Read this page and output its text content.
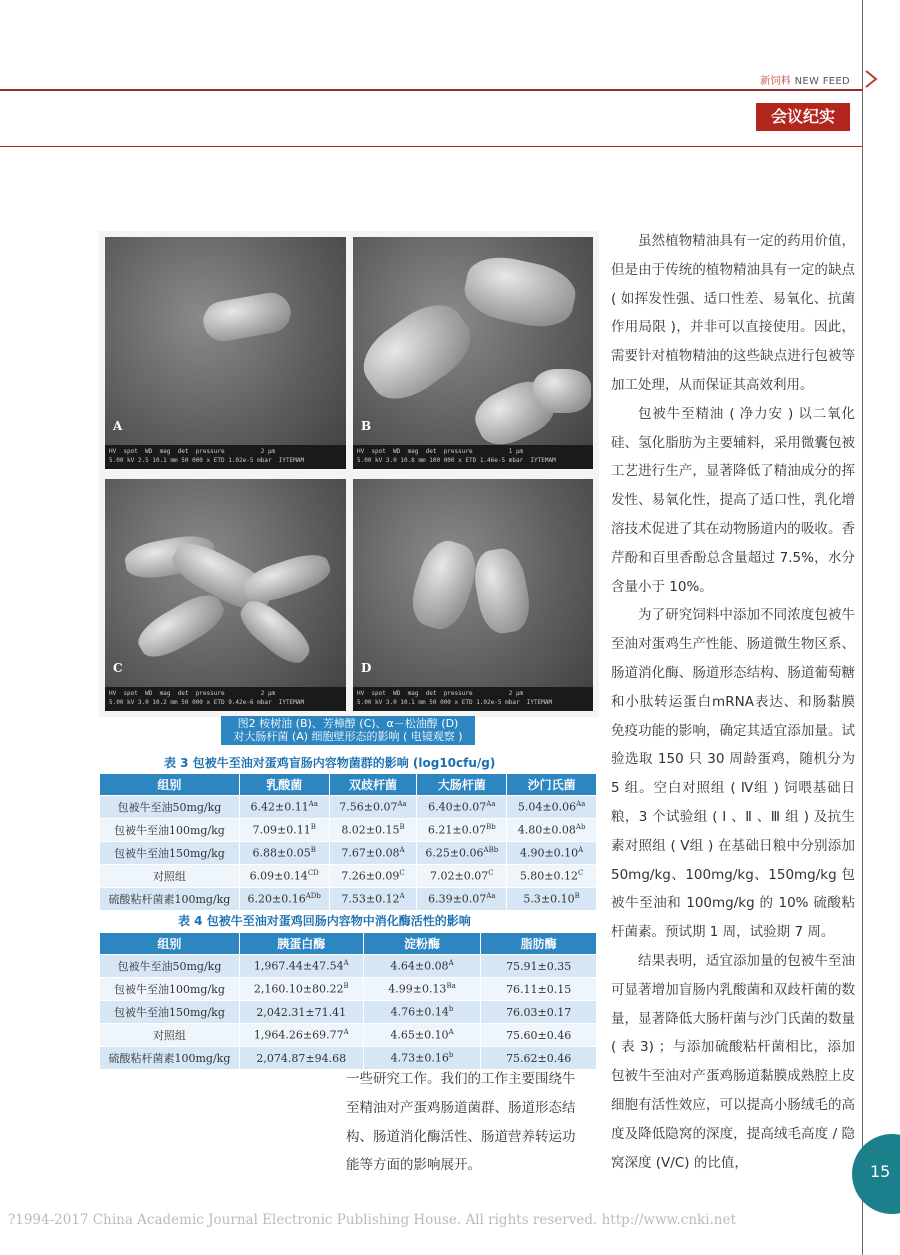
新饲料 NEW FEED
会议纪实
A
HV  spot  WD  mag  det  pressure          2 µm
5.00 kV 2.5 10.1 mm 50 000 x ETD 1.02e-5 mbar  IYTEMAM
B
HV  spot  WD  mag  det  pressure          1 µm
5.00 kV 3.0 10.8 mm 100 000 x ETD 1.46e-5 mbar  IYTEMAM
C
HV  spot  WD  mag  det  pressure          2 µm
5.00 kV 3.0 10.2 mm 50 000 x ETD 9.42e-6 mbar  IYTEMAM
D
HV  spot  WD  mag  det  pressure          2 µm
5.00 kV 3.0 10.1 mm 50 000 x ETD 1.02e-5 mbar  IYTEMAM
图2 桉树油 (B)、芳樟醇 (C)、α－松油醇 (D)
对大肠杆菌 (A) 细胞壁形态的影响 ( 电镜观察 )
表 3 包被牛至油对蛋鸡盲肠内容物菌群的影响 (log10cfu/g)
组别	乳酸菌	双歧杆菌	大肠杆菌	沙门氏菌
包被牛至油50mg/kg	$6.42\pm 0.11^{Aa}$	$7.56\pm 0.07^{Aa}$	$6.40\pm 0.07^{Aa}$	$5.04\pm 0.06^{Aa}$
包被牛至油100mg/kg	$7.09\pm 0.11^B$	$8.02\pm 0.15^B$	$6.21\pm 0.07^{Bb}$	$4.80\pm 0.08^{Ab}$
包被牛至油150mg/kg	$6.88\pm 0.05^B$	$7.67\pm 0.08^A$	$6.25\pm 0.06^{ABb}$	$4.90\pm 0.10^A$
对照组	$6.09\pm 0.14^{CD}$	$7.26\pm 0.09^C$	$7.02\pm 0.07^C$	$5.80\pm 0.12^C$
硫酸粘杆菌素100mg/kg	$6.20\pm 0.16^{ADb}$	$7.53\pm 0.12^A$	$6.39\pm 0.07^{Aa}$	$5.3\pm 0.10^B$
表 4 包被牛至油对蛋鸡回肠内容物中消化酶活性的影响
组别	胰蛋白酶	淀粉酶	脂肪酶
包被牛至油50mg/kg	$1,967.44\pm 47.54^A$	$4.64\pm 0.08^A$	75.91±0.35
包被牛至油100mg/kg	$2,160.10\pm 80.22^B$	$4.99\pm 0.13^{Ba}$	76.11±0.15
包被牛至油150mg/kg	2,042.31±71.41	4.76±0.14$^b$	76.03±0.17
对照组	$1,964.26\pm 69.77^A$	$4.65\pm 0.10^A$	75.60±0.46
硫酸粘杆菌素100mg/kg	2,074.87±94.68	4.73±0.16$^b$	75.62±0.46
一些研究工作。我们的工作主要围绕牛
至精油对产蛋鸡肠道菌群、肠道形态结
构、肠道消化酶活性、肠道营养转运功
能等方面的影响展开。

虽然植物精油具有一定的药用价值，但是由于传统的植物精油具有一定的缺点 ( 如挥发性强、适口性差、易氧化、抗菌作用局限 )，并非可以直接使用。因此，需要针对植物精油的这些缺点进行包被等加工处理，从而保证其高效利用。

包被牛至精油 ( 净力安 ) 以二氧化硅、氢化脂肪为主要辅料，采用微囊包被工艺进行生产，显著降低了精油成分的挥发性、易氧化性，提高了适口性，乳化增溶技术促进了其在动物肠道内的吸收。香芹酚和百里香酚总含量超过 7.5%，水分含量小于 10%。

为了研究饲料中添加不同浓度包被牛至油对蛋鸡生产性能、肠道微生物区系、肠道消化酶、肠道形态结构、肠道葡萄糖和小肽转运蛋白mRNA表达、和肠黏膜免疫功能的影响，确定其适宜添加量。试验选取 150 只 30 周龄蛋鸡，随机分为 5 组。空白对照组 ( Ⅳ组 ) 饲喂基础日粮，3 个试验组 ( Ⅰ 、Ⅱ 、Ⅲ 组 ) 及抗生素对照组 ( Ⅴ组 ) 在基础日粮中分别添加 50mg/kg、100mg/kg、150mg/kg 包被牛至油和 100mg/kg 的 10% 硫酸粘杆菌素。预试期 1 周，试验期 7 周。

结果表明，适宜添加量的包被牛至油可显著增加盲肠内乳酸菌和双歧杆菌的数量，显著降低大肠杆菌与沙门氏菌的数量 ( 表 3) ；与添加硫酸粘杆菌相比，添加包被牛至油对产蛋鸡肠道黏膜成熟腔上皮细胞有活性效应，可以提高小肠绒毛的高度及降低隐窝的深度，提高绒毛高度 / 隐窝深度 (V/C) 的比值，	15
?1994-2017 China Academic Journal Electronic Publishing House. All rights reserved. http://www.cnki.net
